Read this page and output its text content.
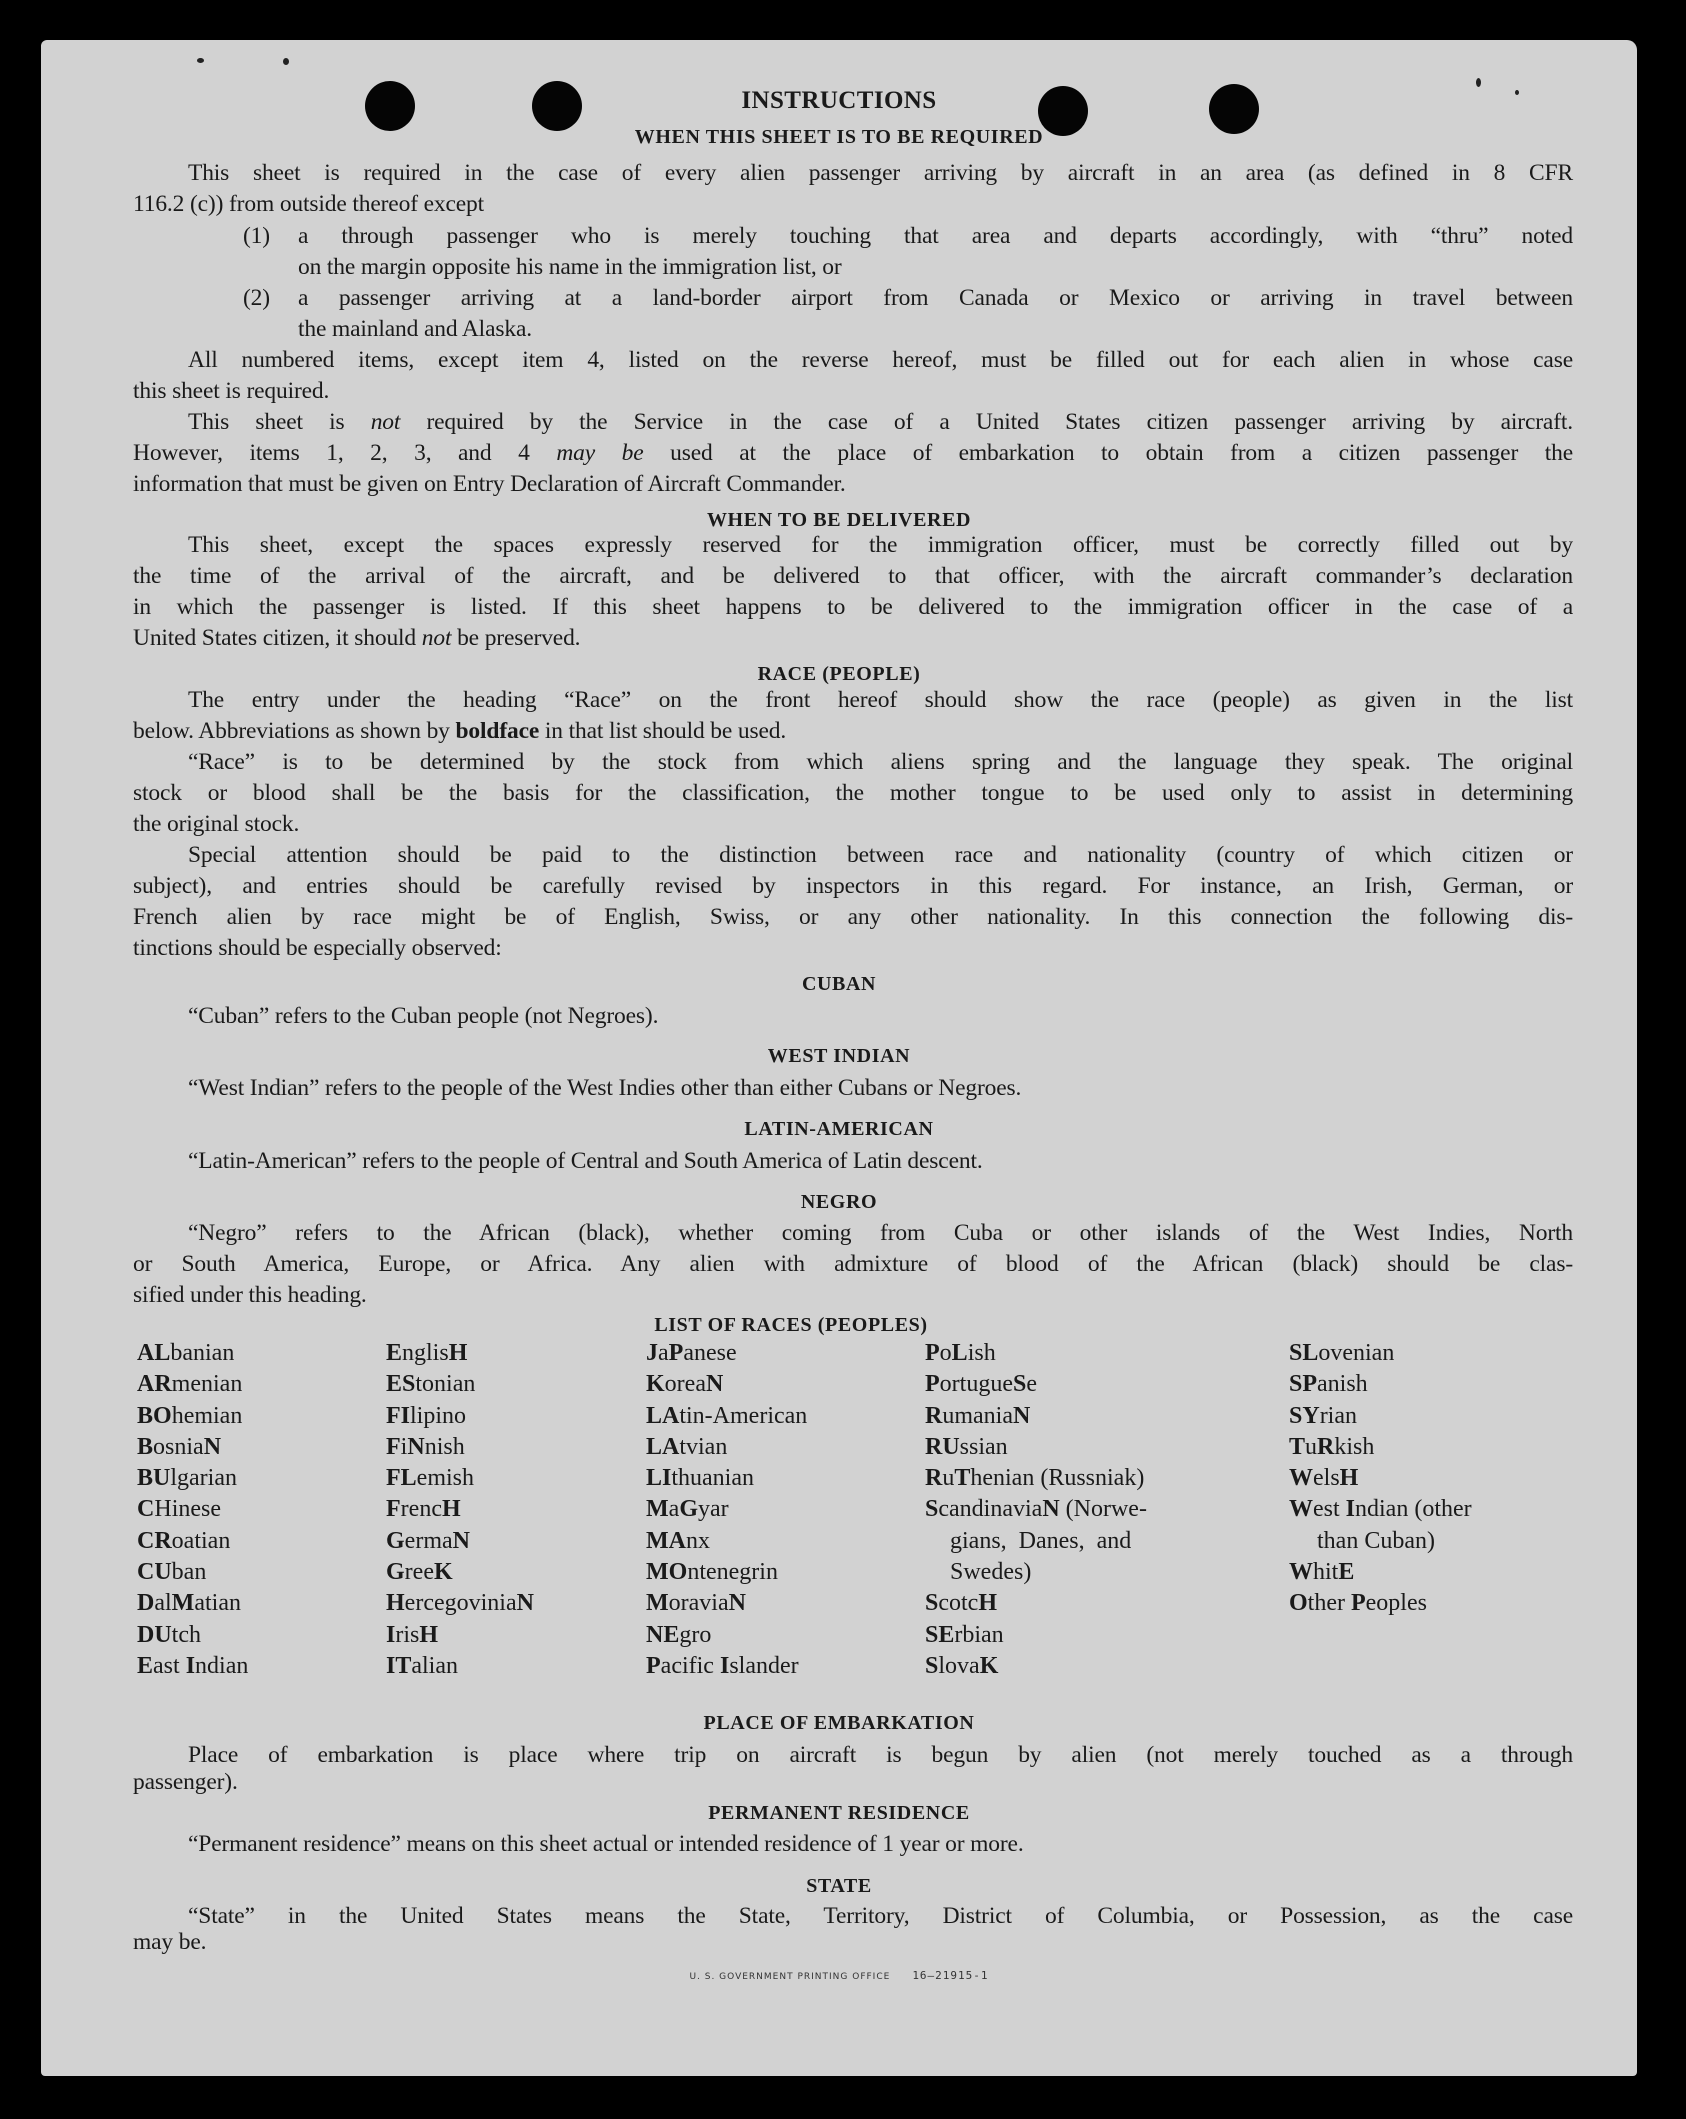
INSTRUCTIONS
WHEN THIS SHEET IS TO BE REQUIRED
This sheet is required in the case of every alien passenger arriving by aircraft in an area (as defined in 8 CFR
116.2 (c)) from outside thereof except
(1) a through passenger who is merely touching that area and departs accordingly, with “thru” noted
on the margin opposite his name in the immigration list, or
(2) a passenger arriving at a land-border airport from Canada or Mexico or arriving in travel between
the mainland and Alaska.
All numbered items, except item 4, listed on the reverse hereof, must be filled out for each alien in whose case
this sheet is required.
This sheet is not required by the Service in the case of a United States citizen passenger arriving by aircraft.
However, items 1, 2, 3, and 4 may be used at the place of embarkation to obtain from a citizen passenger the
information that must be given on Entry Declaration of Aircraft Commander.
WHEN TO BE DELIVERED
This sheet, except the spaces expressly reserved for the immigration officer, must be correctly filled out by
the time of the arrival of the aircraft, and be delivered to that officer, with the aircraft commander’s declaration
in which the passenger is listed. If this sheet happens to be delivered to the immigration officer in the case of a
United States citizen, it should not be preserved.
RACE (PEOPLE)
The entry under the heading “Race” on the front hereof should show the race (people) as given in the list
below. Abbreviations as shown by boldface in that list should be used.
“Race” is to be determined by the stock from which aliens spring and the language they speak. The original
stock or blood shall be the basis for the classification, the mother tongue to be used only to assist in determining
the original stock.
Special attention should be paid to the distinction between race and nationality (country of which citizen or
subject), and entries should be carefully revised by inspectors in this regard. For instance, an Irish, German, or
French alien by race might be of English, Swiss, or any other nationality. In this connection the following dis-
tinctions should be especially observed:
CUBAN
“Cuban” refers to the Cuban people (not Negroes).
WEST INDIAN
“West Indian” refers to the people of the West Indies other than either Cubans or Negroes.
LATIN-AMERICAN
“Latin-American” refers to the people of Central and South America of Latin descent.
NEGRO
“Negro” refers to the African (black), whether coming from Cuba or other islands of the West Indies, North
or South America, Europe, or Africa. Any alien with admixture of blood of the African (black) should be clas-
sified under this heading.
LIST OF RACES (PEOPLES)
ALbanian
ARmenian
BOhemian
BosniaN
BUlgarian
CHinese
CRoatian
CUban
DalMatian
DUtch
East Indian
EnglisH
EStonian
FIlipino
FiNnish
FLemish
FrencH
GermaN
GreeK
HercegoviniaN
IrisH
ITalian
JaPanese
KoreaN
LAtin-American
LAtvian
LIthuanian
MaGyar
MAnx
MOntenegrin
MoraviaN
NEgro
Pacific Islander
PoLish
PortugueSe
RumaniaN
RUssian
RuThenian (Russniak)
ScandinaviaN (Norwe-
gians,  Danes,  and
Swedes)
ScotcH
SErbian
SlovaK
SLovenian
SPanish
SYrian
TuRkish
WelsH
West Indian (other
than Cuban)
WhitE
Other Peoples
PLACE OF EMBARKATION
Place of embarkation is place where trip on aircraft is begun by alien (not merely touched as a through
passenger).
PERMANENT RESIDENCE
“Permanent residence” means on this sheet actual or intended residence of 1 year or more.
STATE
“State” in the United States means the State, Territory, District of Columbia, or Possession, as the case
may be.
U. S. GOVERNMENT PRINTING OFFICE 16—21915-1
